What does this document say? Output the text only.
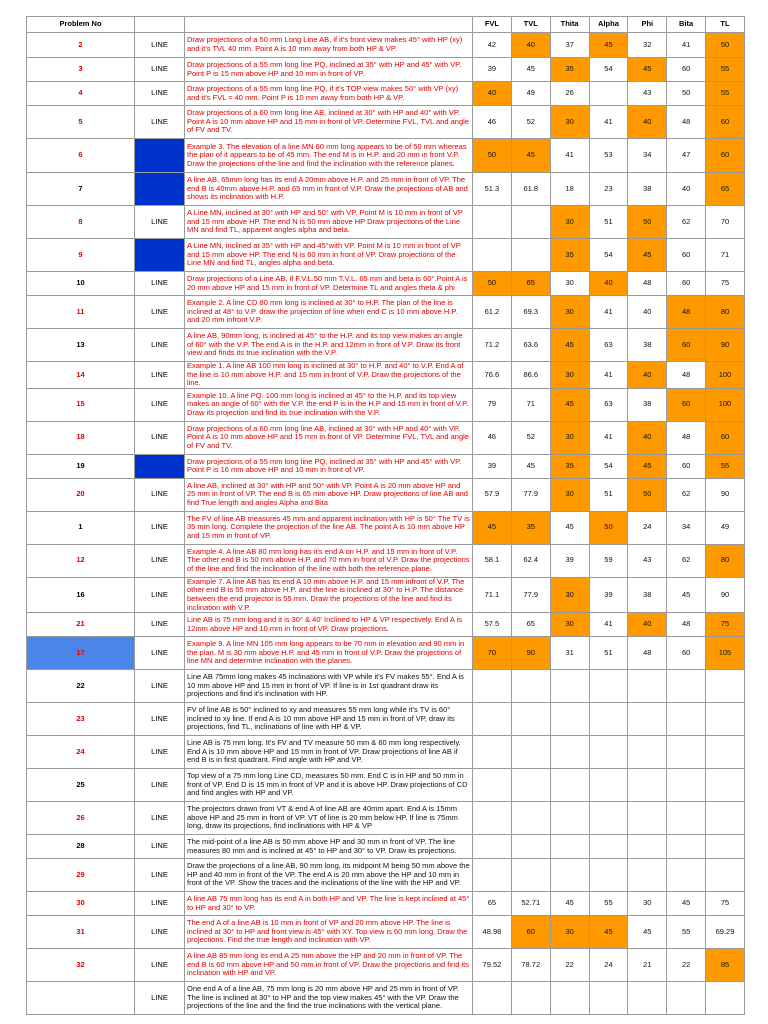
Problem No			FVL	TVL	Thita	Alpha	Phi	Bita	TL
2	LINE	Draw projections of a 50 mm Long Line AB, if it's front view makes 45° with HP (xy) and it's TVL 40 mm. Point A is 10 mm away from both HP & VP.	42	40	37	45	32	41	50
3	LINE	Draw projections of a 55 mm long line PQ, inclined at 35° with HP and 45° with VP. Point P is 15 mm above HP and 10 mm in front of VP.	39	45	35	54	45	60	55
4	LINE	Draw projections of a 55 mm long line PQ, if it's TOP view makes 50° with VP (xy) and it's FVL = 40 mm. Point P is 10 mm away from both HP & VP.	40	49	26		43	50	55
5	LINE	Draw projections of a 60 mm long line AB, inclined at 30° with HP and 40° with VP. Point A is 10 mm above HP and 15 mm in front of VP. Determine FVL, TVL and angle of FV and TV.	46	52	30	41	40	48	60
6	LINE	Example 3. The elevation of a line MN 60 mm long appears to be of 50 mm whereas the plan of it appears to be of 45 mm. The end M is in H.P. and 20 mm in front V.P. Draw the projections of the line and find the inclination with the reference planes.	50	45	41	53	34	47	60
7	LINE	A line AB, 65mm long has its end A 20mm above H.P. and 25 mm in front of VP. The end B is 40mm above H.P. and 65 mm in front of V.P. Draw the projections of AB and shows its inclination with H.P.	51.3	61.8	18	23	38	40	65
8	LINE	A Line MN, inclined at 30° with HP and 50° with VP. Point M is 10 mm in front of VP and 15 mm above HP. The end N is 50 mm above HP Draw projections of the Line MN and find TL, apparent angles alpha and beta.			30	51	50	62	70
9	LINE	A Line MN, inclined at 35° with HP and 45°with VP. Point M is 10 mm in front of VP and 15 mm above HP. The end N is 60 mm in front of VP. Draw projections of the Line MN and find TL, angles alpha and beta.			35	54	45	60	71
10	LINE	Draw projections of a Line AB, if F.V.L.50 mm T.V.L. 65 mm and beta is 60°.Point A is 20 mm above HP and 15 mm in front of VP. Determine TL and angles theta & phi	50	65	30	40	48	60	75
11	LINE	Example 2. A line CD 80 mm long is inclined at 30° to H.P. The plan of the line is inclined at 48° to V.P. draw the projection of line when end C is 10 mm above H.P. and 20 mm infront V.P.	61.2	69.3	30	41	40	48	80
13	LINE	A line AB, 90mm long, is inclined at 45° to the H.P. and its top view makes an angle of 60° with the V.P. The end A is in the H.P. and 12mm in front of V.P. Draw its front view and finds its true inclination with the V.P.	71.2	63.6	45	63	38	60	90
14	LINE	Example 1. A line AB 100 mm long is inclined at 30° to H.P. and 40° to V.P. End A of the line is 10 mm above H.P. and 15 mm in front of V.P. Draw the projections of the line.	76.6	86.6	30	41	40	48	100
15	LINE	Example 10. A line PQ. 100 mm long is inclined at 45° to the H.P. and its top view makes an angle of 60° with the V.P. the end P is in the H.P and 15 mm in front of V.P. Draw its projection and find its true inclination with the V.P.	79	71	45	63	38	60	100
18	LINE	Draw projections of a 60 mm long line AB, inclined at 30° with HP and 40° with VP. Point A is 10 mm above HP and 15 mm in front of VP. Determine FVL, TVL and angle of FV and TV.	46	52	30	41	40	48	60
19	LINE	Draw projections of a 55 mm long line PQ, inclined at 35° with HP and 45° with VP. Point P is 16 mm above HP and 10 mm in front of VP.	39	45	35	54	45	60	55
20	LINE	A line AB, inclined at 30° with HP and 50° with VP. Point A is 20 mm above HP and 25 mm in front of VP. The end B is 65 mm above HP. Draw projections of line AB and find True length and angles Alpha and Bita	57.9	77.9	30	51	50	62	90
1	LINE	The FV of line AB measures 45 mm and apparent inclination with HP is 50° The TV is 35 mm long. Complete the projection of the line AB. The point A is 10 mm above HP and 15 mm in front of VP.	45	35	45	50	24	34	49
12	LINE	Example 4. A line AB 80 mm long has it's end A on H.P. and 15 mm in front of V.P. The other end B is 50 mm above H.P. and 70 mm in front of V.P. Draw the projections of the line and find the inclination of the line with both the reference plane.	58.1	62.4	39	59	43	62	80
16	LINE	Example 7. A line AB has its end A 10 mm above H.P. and 15 mm infront of V.P. The other end B is 55 mm above H.P. and the line is inclined at 30° to H.P. The distance between the end projector is 55 mm. Draw the projections of the line and find its inclination with V.P.	71.1	77.9	30	39	38	45	90
21	LINE	Line AB is 75 mm long and it is 30° & 40' Inclined to HP & VP respectively. End A is 12mm above HP and 10 mm in front of VP. Draw projections.	57.5	65	30	41	40	48	75
17	LINE	Example 9. A line MN 105 mm long appears to be 70 mm in elevation and 90 mm in the plan. M is 30 mm above H.P. and 45 mm in front of V.P. Draw the projections of line MN and determine inclination with the planes.	70	90	31	51	48	60	105
22	LINE	Line AB 75mm long makes 45 inclinations with VP while it's FV makes 55°. End A is 10 mm above HP and 15 mm in front of VP. If line is in 1st quadrant draw its projections and find it's inclination with HP.							
23	LINE	FV of line AB is 50° inclined to xy and measures 55 mm long while it's TV is 60° inclined to xy line. If end A is 10 mm above HP and 15 mm in front of VP, draw its projections, find TL, inclinations of line with HP & VP.							
24	LINE	Line AB is 75 mm long. It's FV and TV measure 50 mm & 60 mm long respectively. End A is 10 mm above HP and 15 mm in front of VP. Draw projections of line AB if end B is in first quadrant. Find angle with HP and VP.							
25	LINE	Top view of a 75 mm long Line CD, measures 50 mm. End C is in HP and 50 mm in front of VP. End D is 15 mm in front of VP and it is above HP. Draw projections of CD and find angles with HP and VP.							
26	LINE	The projectors drawn from VT & end A of line AB are 40mm apart. End A is 15mm above HP and 25 mm in front of VP. VT of line is 20 mm below HP. If line is 75mm long, draw its projections, find inclinations with HP & VP							
28	LINE	The mid-point of a line AB is 50 mm above HP and 30 mm in front of VP. The line measures 80 mm and is inclined at 45° to HP and 30° to VP. Draw its projections.							
29	LINE	Draw the projections of a line AB, 90 mm long, its midpoint M being 50 mm above the HP and 40 mm in front of the VP. The end A is 20 mm above the HP and 10 mm in front of the VP. Show the traces and the inclinations of the line with the HP and VP.							
30	LINE	A line AB 75 mm long has its end A in both HP and VP. The line is kept inclined at 45° to HP and 30° to VP.	65	52.71	45	55	30	45	75
31	LINE	The end A of a line AB is 10 mm in front of VP and 20 mm above HP. The line is inclined at 30° to HP and front view is 45° with XY. Top view is 60 mm long. Draw the projections. Find the true length and inclination with VP.	48.98	60	30	45	45	55	69.29
32	LINE	A line AB 85 mm long its end A 25 mm above the HP and 20 mm in front of VP. The end B is 60 mm above HP and 50 mm in front of VP. Draw the projections and find its inclination with HP and VP.	79.52	78.72	22	24	21	22	85
	LINE	One end A of a line AB, 75 mm long is 20 mm above HP and 25 mm in front of VP. The line is inclined at 30° to HP and the top view makes 45° with the VP. Draw the projections of the line and the find the true inclinations with the vertical plane.							
